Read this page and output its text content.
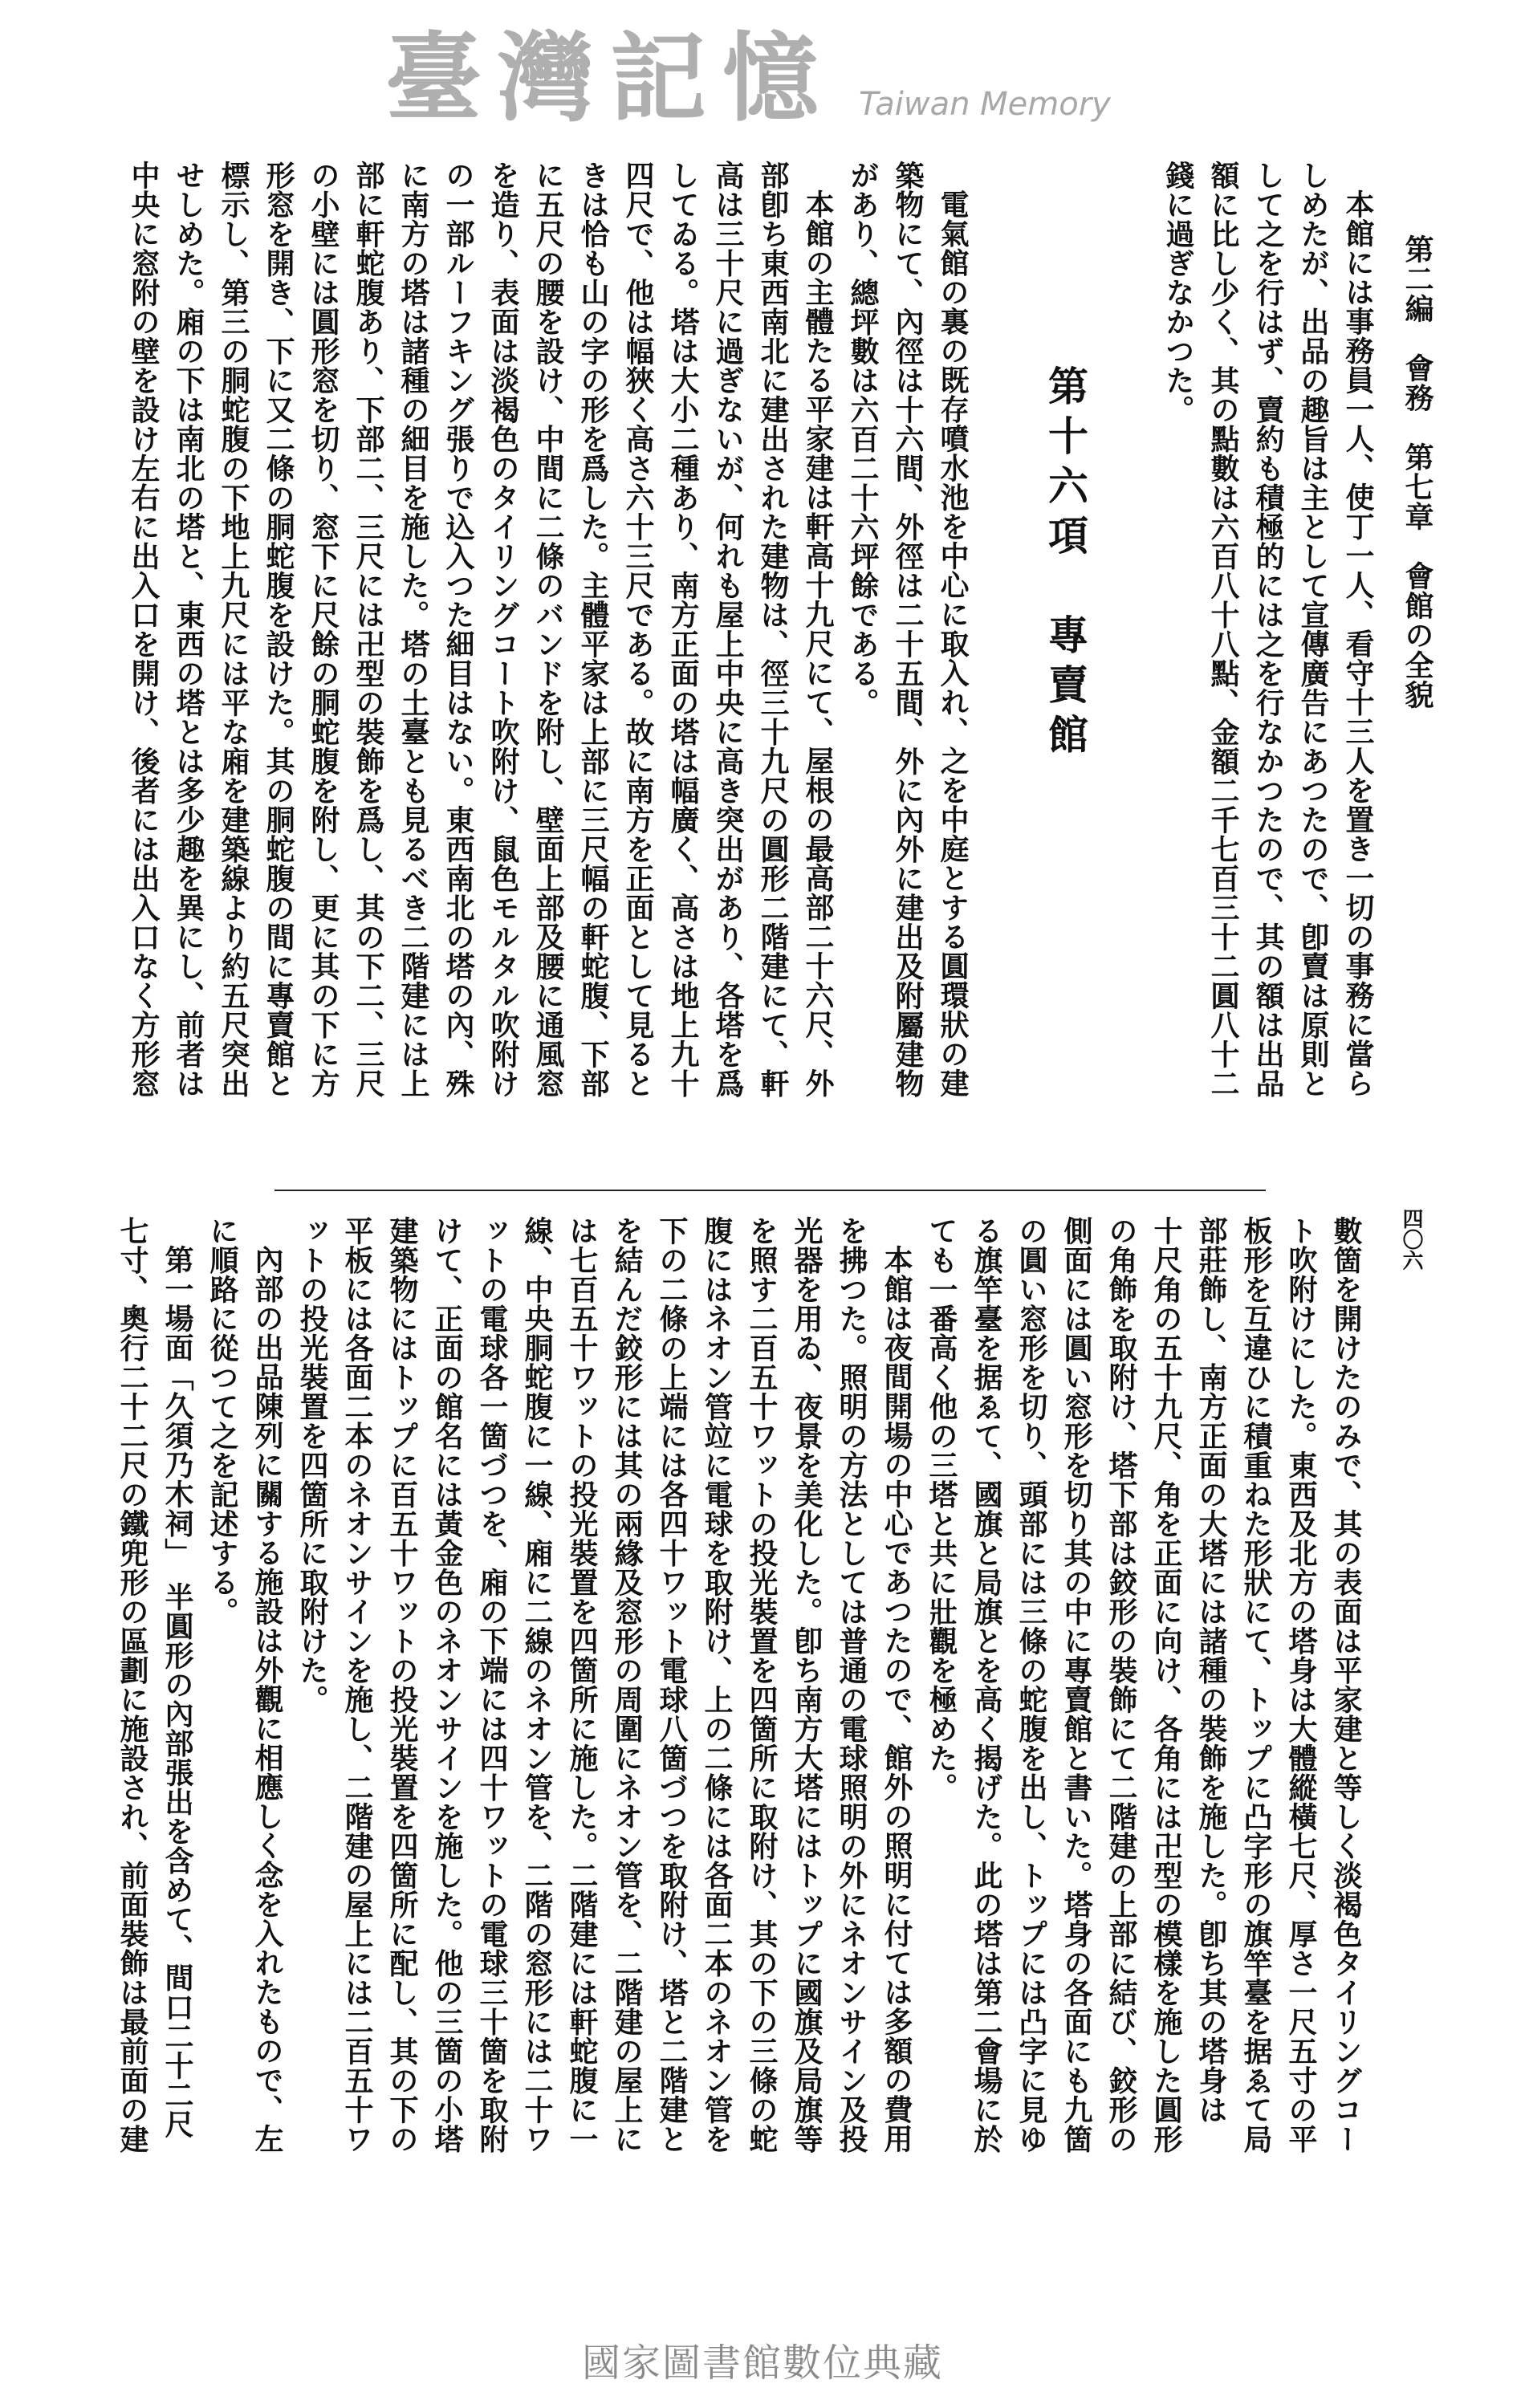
第二編　會務　第七章　會館の全貌
本館には事務員一人、使丁一人、看守十三人を置き一切の事務に當ら
しめたが、出品の趣旨は主として宣傳廣告にあつたので、卽賣は原則と
して之を行はず、賣約も積極的には之を行なかつたので、其の額は出品
額に比し少く、其の點數は六百八十八點、金額二千七百三十二圓八十二
錢に過ぎなかつた。
第十六項　專賣館
電氣館の裏の既存噴水池を中心に取入れ、之を中庭とする圓環狀の建
築物にて、內徑は十六間、外徑は二十五間、外に內外に建出及附屬建物
があり、總坪數は六百二十六坪餘である。
本館の主體たる平家建は軒高十九尺にて、屋根の最高部二十六尺、外
部卽ち東西南北に建出された建物は、徑三十九尺の圓形二階建にて、軒
高は三十尺に過ぎないが、何れも屋上中央に高き突出があり、各塔を爲
してゐる。塔は大小二種あり、南方正面の塔は幅廣く、高さは地上九十
四尺で、他は幅狹く高さ六十三尺である。故に南方を正面として見ると
きは恰も山の字の形を爲した。主體平家は上部に三尺幅の軒蛇腹、下部
に五尺の腰を設け、中間に二條のバンドを附し、壁面上部及腰に通風窓
を造り、表面は淡褐色のタイリングコート吹附け、鼠色モルタル吹附け
の一部ルーフキング張りで込入つた細目はない。東西南北の塔の內、殊
に南方の塔は諸種の細目を施した。塔の土臺とも見るべき二階建には上
部に軒蛇腹あり、下部二、三尺には卍型の裝飾を爲し、其の下二、三尺
の小壁には圓形窓を切り、窓下に尺餘の胴蛇腹を附し、更に其の下に方
形窓を開き、下に又二條の胴蛇腹を設けた。其の胴蛇腹の間に專賣館と
標示し、第三の胴蛇腹の下地上九尺には平な廂を建築線より約五尺突出
せしめた。廂の下は南北の塔と、東西の塔とは多少趣を異にし、前者は
中央に窓附の壁を設け左右に出入口を開け、後者には出入口なく方形窓
四〇六
數箇を開けたのみで、其の表面は平家建と等しく淡褐色タイリングコー
ト吹附けにした。東西及北方の塔身は大體縱橫七尺、厚さ一尺五寸の平
板形を互違ひに積重ねた形狀にて、トップに凸字形の旗竿臺を据ゑて局
部莊飾し、南方正面の大塔には諸種の裝飾を施した。卽ち其の塔身は
十尺角の五十九尺、角を正面に向け、各角には卍型の模樣を施した圓形
の角飾を取附け、塔下部は鉸形の裝飾にて二階建の上部に結び、鉸形の
側面には圓い窓形を切り其の中に專賣館と書いた。塔身の各面にも九箇
の圓い窓形を切り、頭部には三條の蛇腹を出し、トップには凸字に見ゆ
る旗竿臺を据ゑて、國旗と局旗とを高く揭げた。此の塔は第二會場に於
ても一番高く他の三塔と共に壯觀を極めた。
本館は夜間開場の中心であつたので、館外の照明に付ては多額の費用
を拂つた。照明の方法としては普通の電球照明の外にネオンサイン及投
光器を用ゐ、夜景を美化した。卽ち南方大塔にはトップに國旗及局旗等
を照す二百五十ワットの投光裝置を四箇所に取附け、其の下の三條の蛇
腹にはネオン管竝に電球を取附け、上の二條には各面二本のネオン管を
下の二條の上端には各四十ワット電球八箇づつを取附け、塔と二階建と
を結んだ鉸形には其の兩緣及窓形の周圍にネオン管を、二階建の屋上に
は七百五十ワットの投光裝置を四箇所に施した。二階建には軒蛇腹に一
線、中央胴蛇腹に一線、廂に二線のネオン管を、二階の窓形には二十ワ
ットの電球各一箇づつを、廂の下端には四十ワットの電球三十箇を取附
けて、正面の館名には黃金色のネオンサインを施した。他の三箇の小塔
建築物にはトップに百五十ワットの投光裝置を四箇所に配し、其の下の
平板には各面二本のネオンサインを施し、二階建の屋上には二百五十ワ
ットの投光裝置を四箇所に取附けた。
內部の出品陳列に關する施設は外觀に相應しく念を入れたもので、左
に順路に從つて之を記述する。
第一場面「久須乃木祠」　半圓形の內部張出を含めて、間口二十二尺
七寸、奧行二十二尺の鐵兜形の區劃に施設され、前面裝飾は最前面の建
臺灣記憶 Taiwan Memory
國家圖書館數位典藏
